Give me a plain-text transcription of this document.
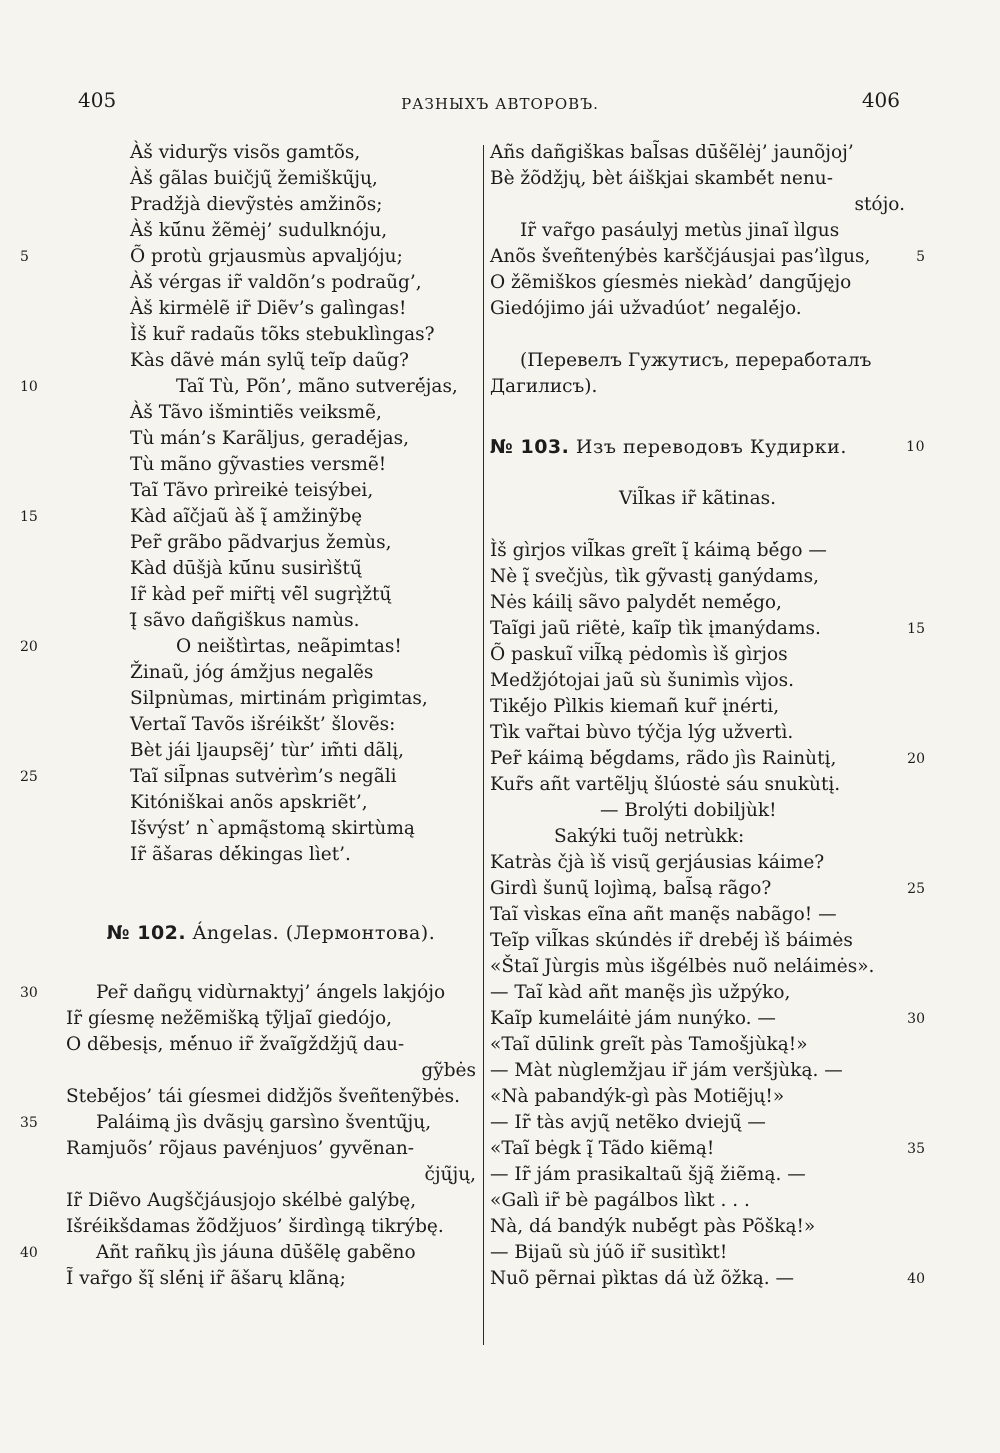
405	РАЗНЫХЪ АВТОРОВЪ.	406
Àš vidurỹs visõs gamtõs,
Àš gãlas buičjų̃ žemiškų̃jų,
Pradžjà dievỹstės amžinõs;
Àš kū́nu žẽmėj’ sudulknóju,
Õ protù grjausmùs apvaljóju;
5
Àš vérgas ir̃ valdõn’s podraũg’,
Àš kirmėlẽ ir̃ Diẽv’s galìngas!
Ìš kur̃ radaũs tõks stebuklìngas?
Kàs dãvė mán sylų̃ teĩp daũg?
Taĩ Tù, Põn’, mãno sutverė́jas,
10
Àš Tãvo išmintiẽs veiksmẽ,
Tù mán’s Karãljus, geradė́jas,
Tù mãno gỹvasties versmẽ!
Taĩ Tãvo prìreikė teisýbei,
Kàd aĩčjaũ àš į̃ amžinỹbę
15
Per̃ grãbo pãdvarjus žemùs,
Kàd dūšjà kū́nu susirìštų̃
Ir̃ kàd per̃ mir̃tį vė̃l sugrį̀žtų̃
Į̃ sãvo dañgiškus namùs.
O neištìrtas, neãpimtas!
20
Žinaũ, jóg ámžjus negalẽs
Silpnùmas, mirtinám prìgimtas,
Vertaĩ Tavõs išréikšt’ šlovẽs:
Bèt jái ljaupsẽj’ tùr’ im̃ti dãlį,
Taĩ sil̃pnas sutvėrìm’s negãli
25
Kitóniškai anõs apskriẽt’,
Išvýst’ n`apmą̃stomą skirtùmą
Ir̃ ãšaras dė́kingas lìet’.
№ 102. Ángelas. (Лермонтова).
Per̃ dañgų vidùrnaktyj’ ángels lakjójo
30
Ir̃ gíesmę nežẽmišką tỹljaĩ giedójo,
O dẽbesįs, mė́nuo ir̃ žvaĩgždžjų̃ dau-
gỹbės
Stebė́jos’ tái gíesmei didžjõs šveñtenỹbės.
Paláimą jìs dvãsjų garsìno šventų̃jų,
35
Ramjuõs’ rõjaus pavénjuos’ gyvẽnan-
čjų̃jų,
Ir̃ Diẽvo Augščjáusjojo skélbė galýbę,
Išréikšdamas žõdžjuos’ širdìngą tikrýbę.
Añt rañkų jìs jáuna dūšẽlę gabẽno
40
Ĩ var̃go šį̃ slė́nį ir̃ ãšarų klãną;
Añs dañgiškas bal̃sas dūšẽlėj’ jaunõjoj’
Bè žõdžjų, bèt áiškjai skambė́t nenu-
stójo.
Ir̃ var̃go pasáulyj metùs jinaĩ ìlgus
Anõs šveñtenýbės karščjáusjai pas’ìlgus,	5
O žẽmiškos gíesmės niekàd’ dangū́jęjo
Giedójimo jái užvadúot’ negalė́jo.
(Перевелъ Гужутисъ, переработалъ
Дагилисъ).
№ 103. Изъ переводовъ Кудирки.	10
Vil̃kas ir̃ kãtinas.
Ìš gìrjos vil̃kas greĩt į̃ káimą bė́go —
Nè į̃ svečjùs, tìk gỹvastį ganýdams,
Nės káilį sãvo palydė́t nemė́go,
Taĩgi jaũ riẽtė, kaĩp tìk įmanýdams.	15
Õ paskuĩ vil̃ką pėdomìs ìš gìrjos
Medžjótojai jaũ sù šunimìs vìjos.
Tikė́jo Pìlkis kiemañ kur̃ įnérti,
Tìk var̃tai bùvo týčja lýg užvertì.
Per̃ káimą bė́gdams, rãdo jìs Rainùtį,	20
Kur̃s añt vartẽljų šlúostė sáu snukùtį.
— Brolýti dobiljùk!
Sakýki tuõj netrùkk:
Katràs čjà ìš visų̃ gerjáusias káime?
Girdì šunų̃ lojìmą, bal̃są rãgo?	25
Taĩ vìskas eĩna añt manę̃s nabãgo! —
Teĩp vil̃kas skúndės ir̃ drebė́j ìš báimės
«Štaĩ Jùrgis mùs išgélbės nuõ neláimės».
— Taĩ kàd añt manę̃s jìs užpýko,
Kaĩp kumeláitė jám nunýko. —	30
«Taĩ dūlink greĩt pàs Tamošjùką!»
— Màt nùglemžjau ir̃ jám veršjùką. —
«Nà pabandýk-gì pàs Motiẽjų!»
— Ir̃ tàs avjų̃ netẽko dviejų̃ —
«Taĩ bėgk į̃ Tãdo kiẽmą!	35
— Ir̃ jám prasikaltaũ šją̃ žiẽmą. —
«Galì ir̃ bè pagálbos lìkt . . .
Nà, dá bandýk nubė́gt pàs Põšką!»
— Bijaũ sù júõ ir̃ susitìkt!
Nuõ pẽrnai pìktas dá ùž õžką. —	40
